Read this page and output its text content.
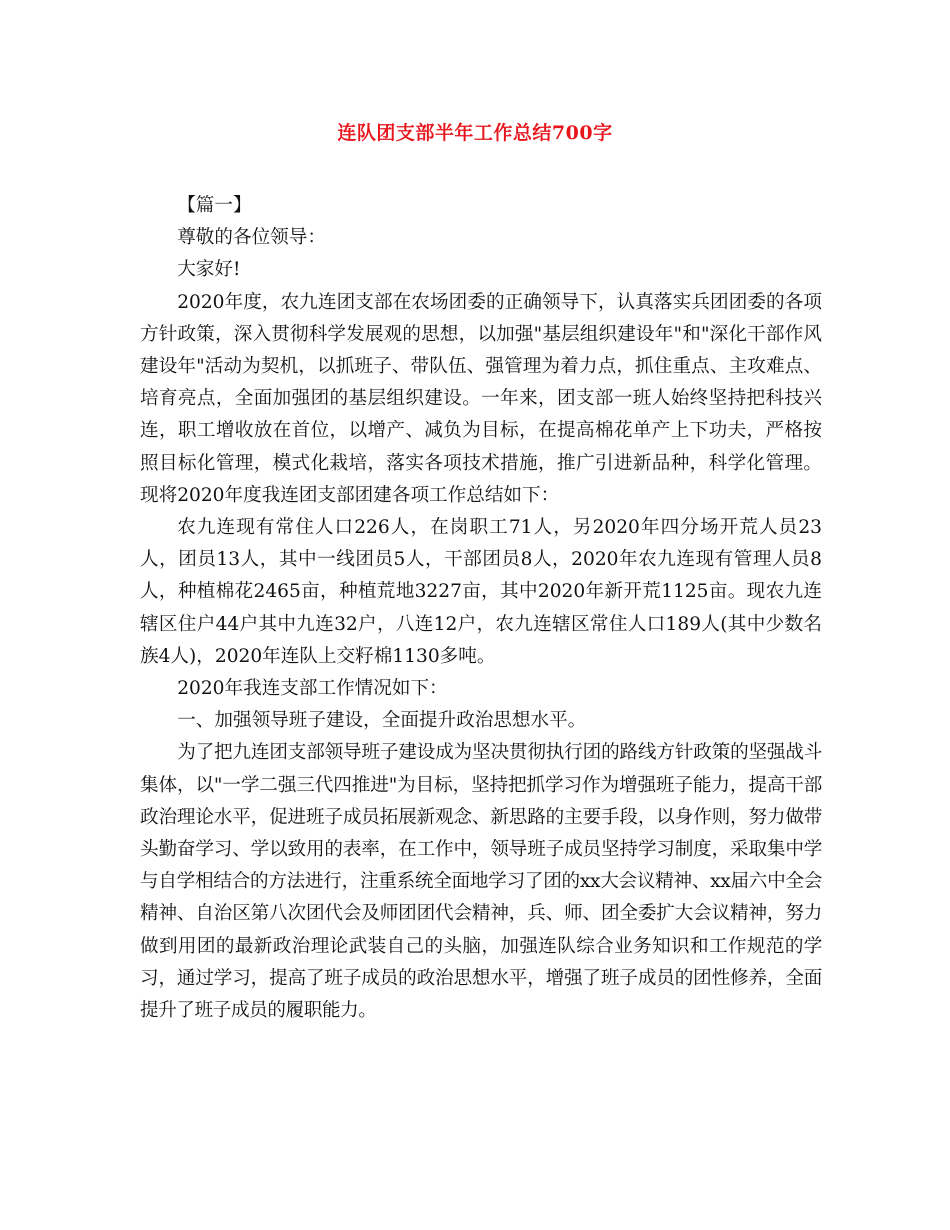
连队团支部半年工作总结700字

【篇一】

尊敬的各位领导：

大家好!

2020年度，农九连团支部在农场团委的正确领导下，认真落实兵团团委的各项方针政策，深入贯彻科学发展观的思想，以加强"基层组织建设年"和"深化干部作风建设年"活动为契机，以抓班子、带队伍、强管理为着力点，抓住重点、主攻难点、培育亮点，全面加强团的基层组织建设。一年来，团支部一班人始终坚持把科技兴连，职工增收放在首位，以增产、减负为目标，在提高棉花单产上下功夫，严格按照目标化管理，模式化栽培，落实各项技术措施，推广引进新品种，科学化管理。现将2020年度我连团支部团建各项工作总结如下：

农九连现有常住人口226人，在岗职工71人，另2020年四分场开荒人员23人，团员13人，其中一线团员5人，干部团员8人，2020年农九连现有管理人员8人，种植棉花2465亩，种植荒地3227亩，其中2020年新开荒1125亩。现农九连辖区住户44户其中九连32户，八连12户，农九连辖区常住人口189人(其中少数名族4人)，2020年连队上交籽棉1130多吨。

2020年我连支部工作情况如下：

一、加强领导班子建设，全面提升政治思想水平。

为了把九连团支部领导班子建设成为坚决贯彻执行团的路线方针政策的坚强战斗集体，以"一学二强三代四推进"为目标，坚持把抓学习作为增强班子能力，提高干部政治理论水平，促进班子成员拓展新观念、新思路的主要手段，以身作则，努力做带头勤奋学习、学以致用的表率，在工作中，领导班子成员坚持学习制度，采取集中学与自学相结合的方法进行，注重系统全面地学习了团的xx大会议精神、xx届六中全会精神、自治区第八次团代会及师团团代会精神，兵、师、团全委扩大会议精神，努力做到用团的最新政治理论武装自己的头脑，加强连队综合业务知识和工作规范的学习，通过学习，提高了班子成员的政治思想水平，增强了班子成员的团性修养，全面提升了班子成员的履职能力。
